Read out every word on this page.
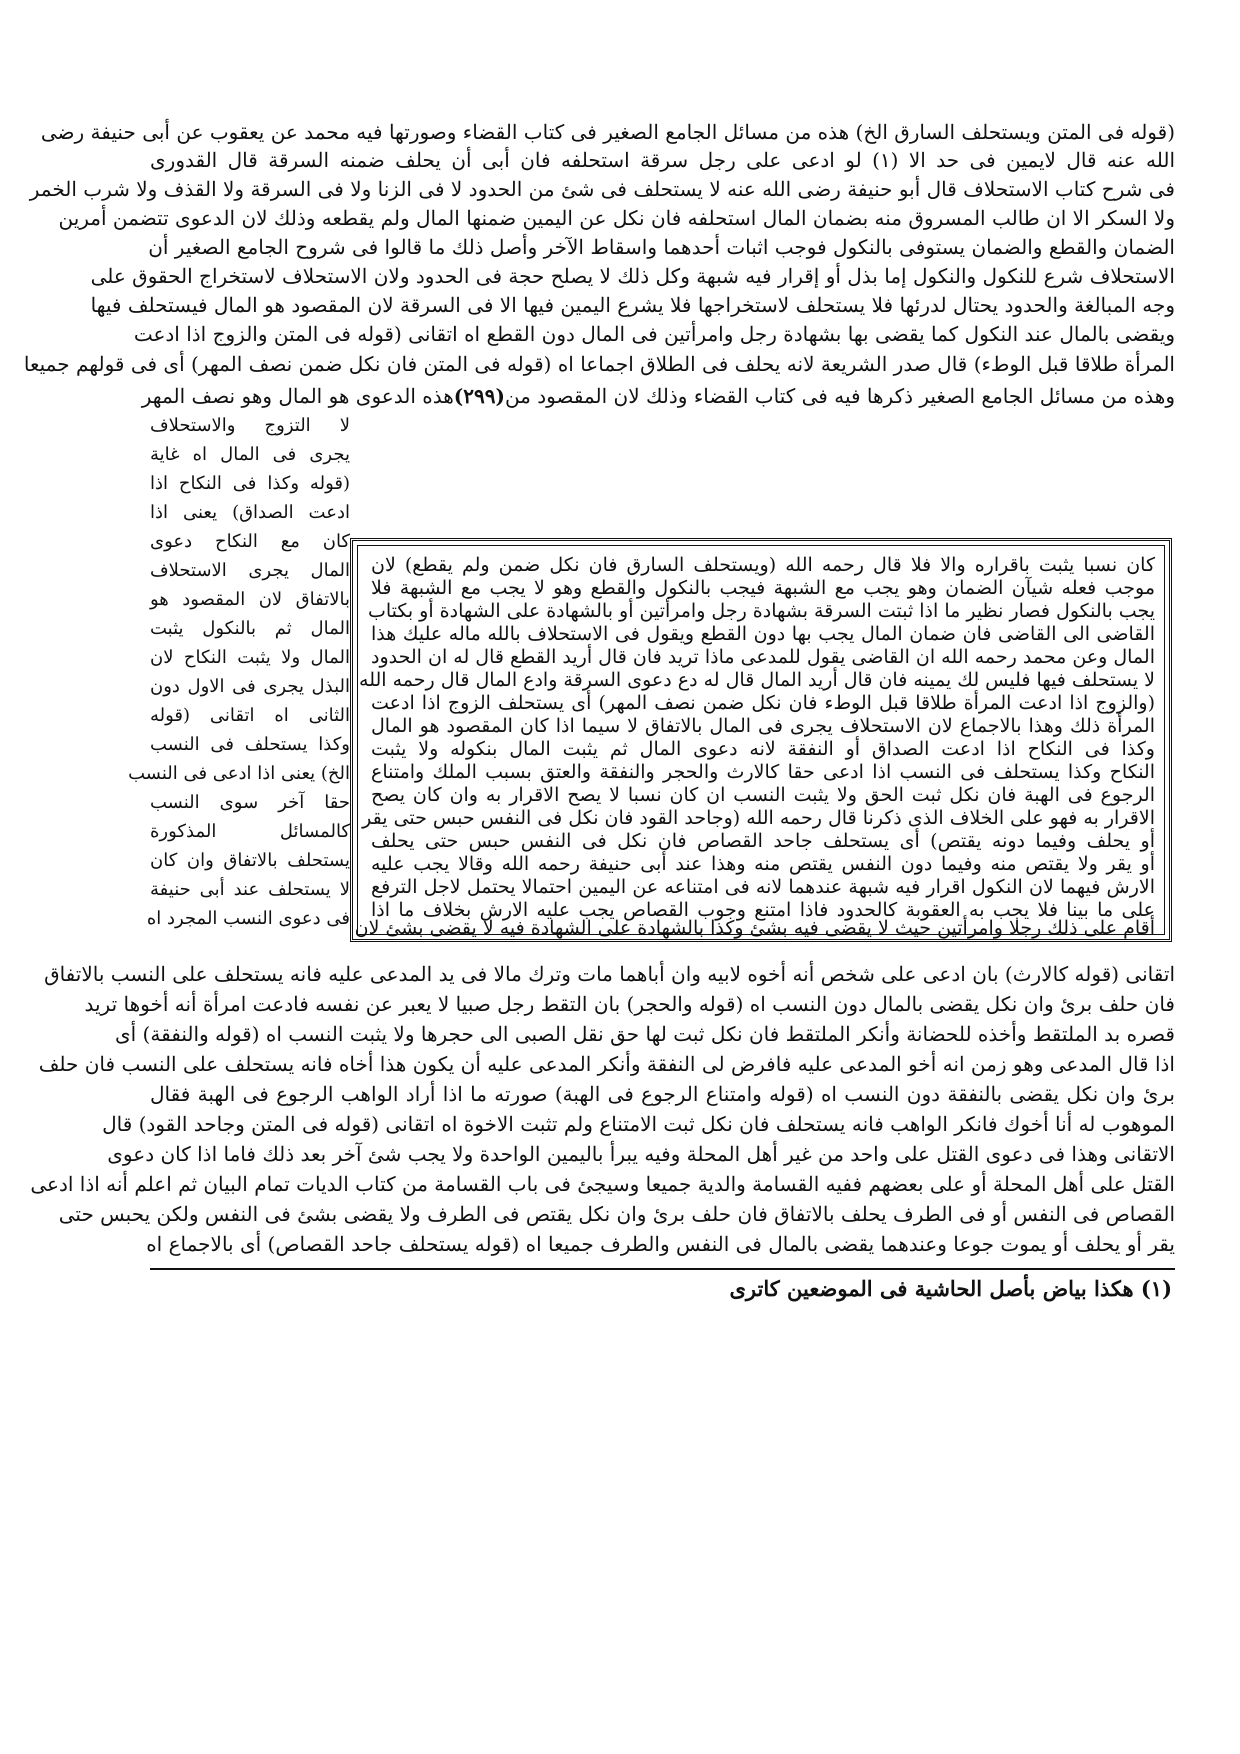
(قوله فى المتن ويستحلف السارق الخ) هذه من مسائل الجامع الصغير فى كتاب القضاء وصورتها فيه محمد عن يعقوب عن أبى حنيفة رضى
الله عنه قال لايمين فى حد الا (١) لو ادعى على رجل سرقة استحلفه فان أبى أن يحلف ضمنه السرقة قال القدورى
فى شرح كتاب الاستحلاف قال أبو حنيفة رضى الله عنه لا يستحلف فى شئ من الحدود لا فى الزنا ولا فى السرقة ولا القذف ولا شرب الخمر
ولا السكر الا ان طالب المسروق منه بضمان المال استحلفه فان نكل عن اليمين ضمنها المال ولم يقطعه وذلك لان الدعوى تتضمن أمرين
الضمان والقطع والضمان يستوفى بالنكول فوجب اثبات أحدهما واسقاط الآخر وأصل ذلك ما قالوا فى شروح الجامع الصغير أن
الاستحلاف شرع للنكول والنكول إما بذل أو إقرار فيه شبهة وكل ذلك لا يصلح حجة فى الحدود ولان الاستحلاف لاستخراج الحقوق على
وجه المبالغة والحدود يحتال لدرئها فلا يستحلف لاستخراجها فلا يشرع اليمين فيها الا فى السرقة لان المقصود هو المال فيستحلف فيها
ويقضى بالمال عند النكول كما يقضى بها بشهادة رجل وامرأتين فى المال دون القطع اه اتقانى (قوله فى المتن والزوج اذا ادعت
المرأة طلاقا قبل الوطء) قال صدر الشريعة لانه يحلف فى الطلاق اجماعا اه (قوله فى المتن فان نكل ضمن نصف المهر) أى فى قولهم جميعا
وهذه من مسائل الجامع الصغير ذكرها فيه فى كتاب القضاء وذلك لان المقصود من
(٢٩٩)
هذه الدعوى هو المال وهو نصف المهر
لا التزوج والاستحلاف
يجرى فى المال اه غاية
(قوله وكذا فى النكاح اذا
ادعت الصداق) يعنى اذا
كان مع النكاح دعوى
المال يجرى الاستحلاف
بالاتفاق لان المقصود هو
المال ثم بالنكول يثبت
المال ولا يثبت النكاح لان
البذل يجرى فى الاول دون
الثانى اه اتقانى (قوله
وكذا يستحلف فى النسب
الخ) يعنى اذا ادعى فى النسب
حقا آخر سوى النسب
كالمسائل المذكورة
يستحلف بالاتفاق وان كان
لا يستحلف عند أبى حنيفة
فى دعوى النسب المجرد اه
كان نسبا يثبت باقراره والا فلا قال رحمه الله (ويستحلف السارق فان نكل ضمن ولم يقطع) لان
موجب فعله شيآن الضمان وهو يجب مع الشبهة فيجب بالنكول والقطع وهو لا يجب مع الشبهة فلا
يجب بالنكول فصار نظير ما اذا ثبتت السرقة بشهادة رجل وامرأتين أو بالشهادة على الشهادة أو بكتاب
القاضى الى القاضى فان ضمان المال يجب بها دون القطع ويقول فى الاستحلاف بالله ماله عليك هذا
المال وعن محمد رحمه الله ان القاضى يقول للمدعى ماذا تريد فان قال أريد القطع قال له ان الحدود
لا يستحلف فيها فليس لك يمينه فان قال أريد المال قال له دع دعوى السرقة وادع المال قال رحمه الله
(والزوج اذا ادعت المرأة طلاقا قبل الوطء فان نكل ضمن نصف المهر) أى يستحلف الزوج اذا ادعت
المرأة ذلك وهذا بالاجماع لان الاستحلاف يجرى فى المال بالاتفاق لا سيما اذا كان المقصود هو المال
وكذا فى النكاح اذا ادعت الصداق أو النفقة لانه دعوى المال ثم يثبت المال بنكوله ولا يثبت
النكاح وكذا يستحلف فى النسب اذا ادعى حقا كالارث والحجر والنفقة والعتق بسبب الملك وامتناع
الرجوع فى الهبة فان نكل ثبت الحق ولا يثبت النسب ان كان نسبا لا يصح الاقرار به وان كان يصح
الاقرار به فهو على الخلاف الذى ذكرنا قال رحمه الله (وجاحد القود فان نكل فى النفس حبس حتى يقر
أو يحلف وفيما دونه يقتص) أى يستحلف جاحد القصاص فان نكل فى النفس حبس حتى يحلف
أو يقر ولا يقتص منه وفيما دون النفس يقتص منه وهذا عند أبى حنيفة رحمه الله وقالا يجب عليه
الارش فيهما لان النكول اقرار فيه شبهة عندهما لانه فى امتناعه عن اليمين احتمالا يحتمل لاجل الترفع
على ما بينا فلا يجب به العقوبة كالحدود فاذا امتنع وجوب القصاص يجب عليه الارش بخلاف ما اذا
أقام على ذلك رجلا وامرأتين حيث لا يقضى فيه بشئ وكذا بالشهادة على الشهادة فيه لا يقضى بشئ لان
اتقانى (قوله كالارث) بان ادعى على شخص أنه أخوه لابيه وان أباهما مات وترك مالا فى يد المدعى عليه فانه يستحلف على النسب بالاتفاق
فان حلف برئ وان نكل يقضى بالمال دون النسب اه (قوله والحجر) بان التقط رجل صبيا لا يعبر عن نفسه فادعت امرأة أنه أخوها تريد
قصره بد الملتقط وأخذه للحضانة وأنكر الملتقط فان نكل ثبت لها حق نقل الصبى الى حجرها ولا يثبت النسب اه (قوله والنفقة) أى
اذا قال المدعى وهو زمن انه أخو المدعى عليه فافرض لى النفقة وأنكر المدعى عليه أن يكون هذا أخاه فانه يستحلف على النسب فان حلف
برئ وان نكل يقضى بالنفقة دون النسب اه (قوله وامتناع الرجوع فى الهبة) صورته ما اذا أراد الواهب الرجوع فى الهبة فقال
الموهوب له أنا أخوك فانكر الواهب فانه يستحلف فان نكل ثبت الامتناع ولم تثبت الاخوة اه اتقانى (قوله فى المتن وجاحد القود) قال
الاتقانى وهذا فى دعوى القتل على واحد من غير أهل المحلة وفيه يبرأ باليمين الواحدة ولا يجب شئ آخر بعد ذلك فاما اذا كان دعوى
القتل على أهل المحلة أو على بعضهم ففيه القسامة والدية جميعا وسيجئ فى باب القسامة من كتاب الديات تمام البيان ثم اعلم أنه اذا ادعى
القصاص فى النفس أو فى الطرف يحلف بالاتفاق فان حلف برئ وان نكل يقتص فى الطرف ولا يقضى بشئ فى النفس ولكن يحبس حتى
يقر أو يحلف أو يموت جوعا وعندهما يقضى بالمال فى النفس والطرف جميعا اه (قوله يستحلف جاحد القصاص) أى بالاجماع اه
(١) هكذا بياض بأصل الحاشية فى الموضعين كاترى
